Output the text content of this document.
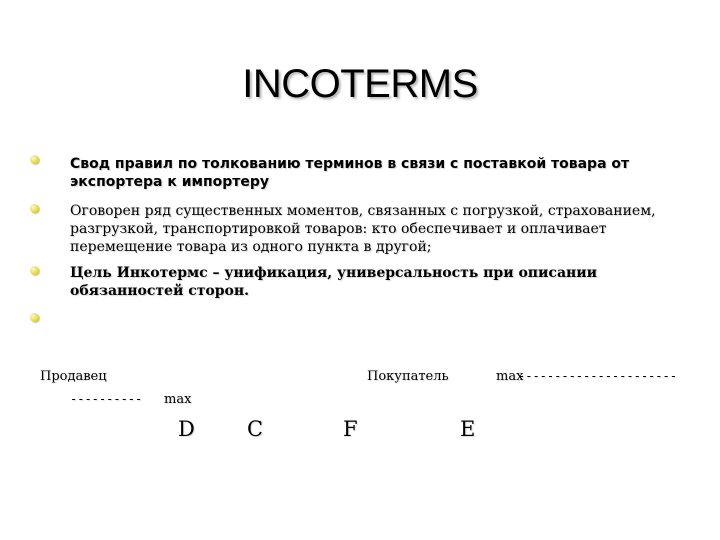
INCOTERMS
Свод правил по толкованию терминов в связи с поставкой товара от экспортера к импортеру
Оговорен ряд существенных моментов, связанных с погрузкой, страхованием, разгрузкой, транспортировкой товаров: кто обеспечивает и оплачивает перемещение товара из одного пункта в другой;
Цель Инкотермс – унификация, универсальность при описании обязанностей сторон.
Продавец	Покупатель	max
----------------------
---------- max
D C	F	E
